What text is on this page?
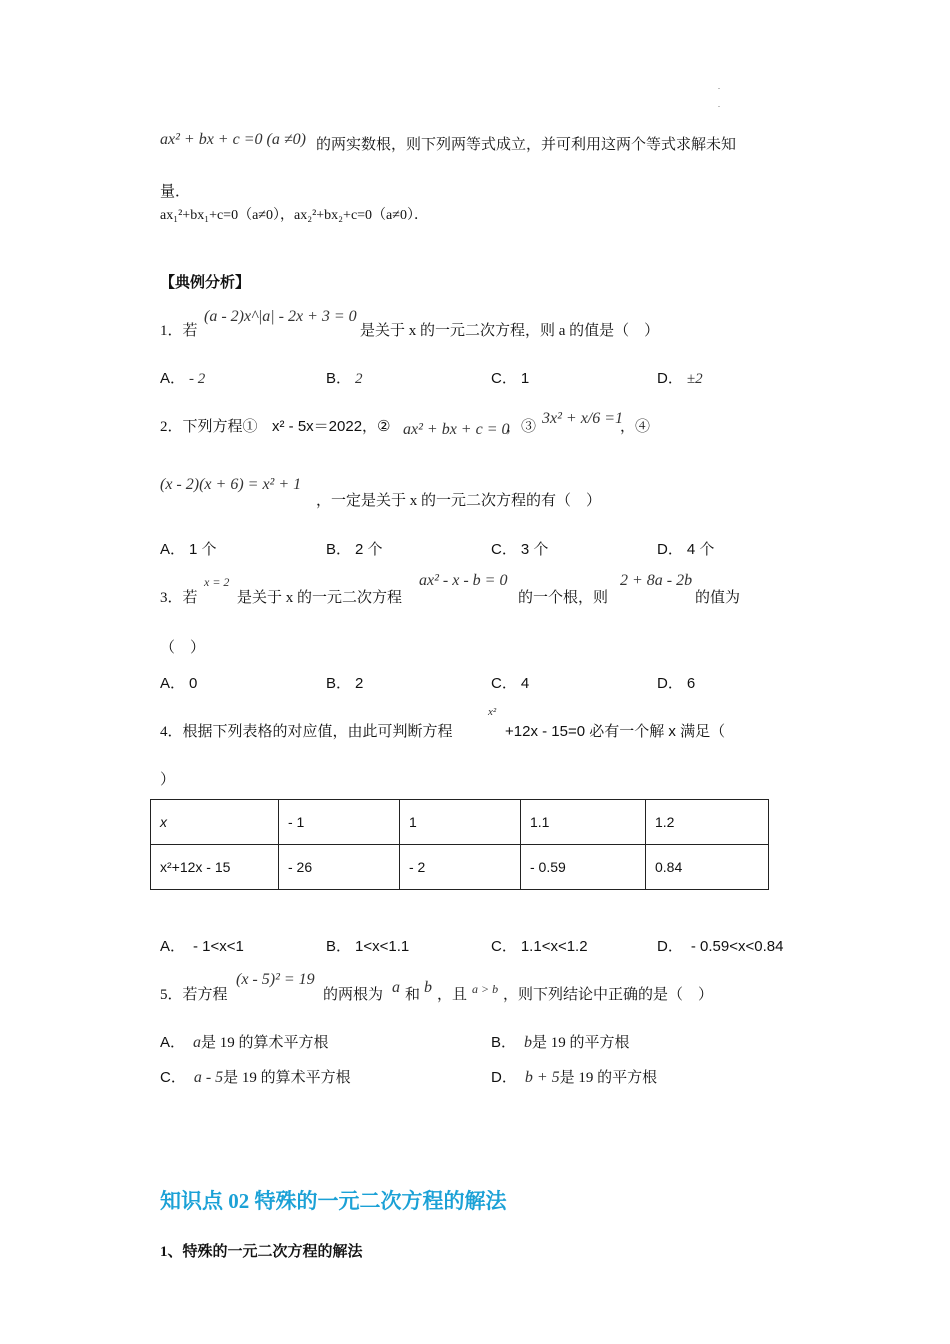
.
.
ax² + bx + c =0 (a ≠0) 的两实数根，则下列两等式成立，并可利用这两个等式求解未知
量．
ax₁²+bx₁+c=0（a≠0），ax₂²+bx₂+c=0（a≠0）．
【典例分析】
1．若
(a - 2)x^|a| - 2x + 3 = 0
是关于 x 的一元二次方程，则 a 的值是（　）
A． - 2	B． 2	C． 1	D． ±2
2．下列方程① x² - 5x＝2022，② ax² + bx + c = 0
，③ 3x² + x/6 =1
，④
(x - 2)(x + 6) = x² + 1
，一定是关于 x 的一元二次方程的有（　）
A． 1 个	B． 2 个	C． 3 个	D． 4 个
3．若
x = 2
是关于 x 的一元二次方程
ax² - x - b = 0
的一个根，则
2 + 8a - 2b
的值为
（　）
A． 0	B． 2	C． 4	D． 6
4．根据下列表格的对应值，由此可判断方程
x²
+12x - 15=0 必有一个解 x 满足（
）
x	- 1	1	1.1	1.2
x²+12x - 15	- 26	- 2	- 0.59	0.84
A． - 1<x<1	B． 1<x<1.1	C． 1.1<x<1.2	D． - 0.59<x<0.84
5．若方程
(x - 5)² = 19
的两根为 a 和 b ，且 a > b ，则下列结论中正确的是（　）
A． a是 19 的算术平方根	B． b是 19 的平方根
C． a - 5是 19 的算术平方根	D． b + 5是 19 的平方根
知识点 02 特殊的一元二次方程的解法
1、特殊的一元二次方程的解法
